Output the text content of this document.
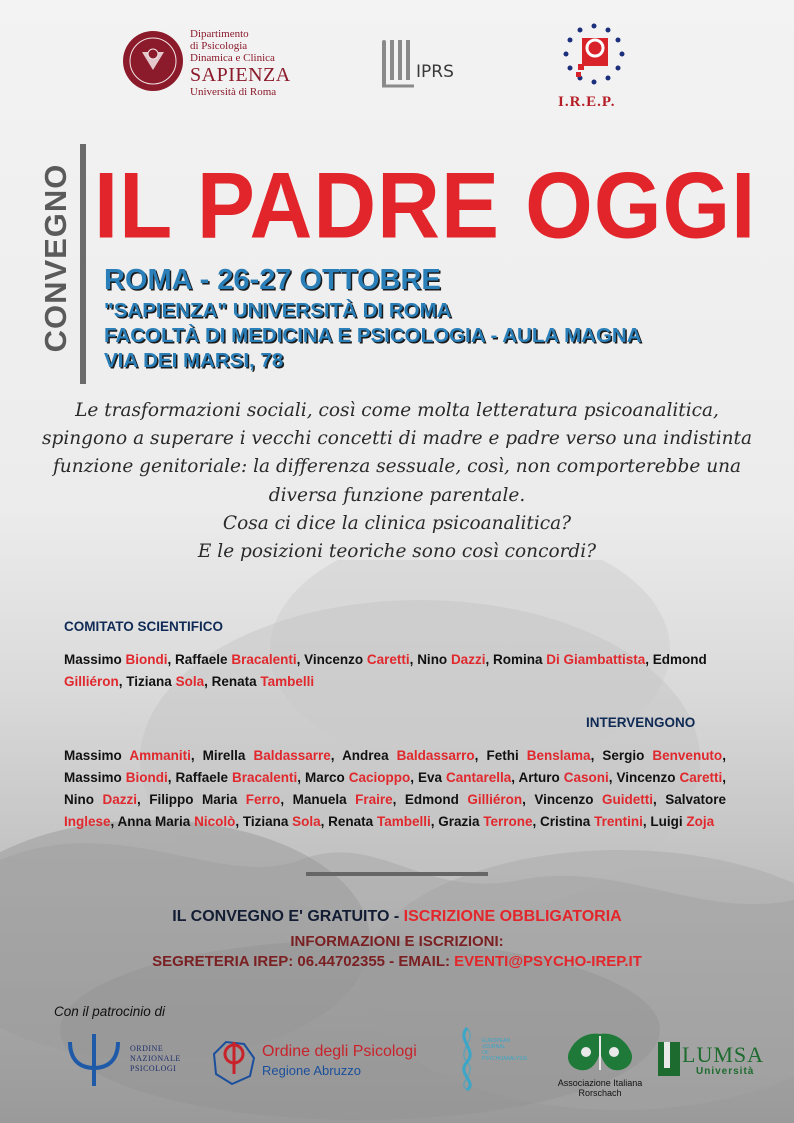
Dipartimento
di Psicologia
Dinamica e Clinica
SAPIENZA
Università di Roma
IPRS
I.R.E.P.
CONVEGNO IL PADRE OGGI
ROMA - 26-27 OTTOBRE
"SAPIENZA" UNIVERSITÀ DI ROMA
FACOLTÀ DI MEDICINA E PSICOLOGIA - AULA MAGNA
VIA DEI MARSI, 78
Le trasformazioni sociali, così come molta letteratura psicoanalitica,
spingono a superare i vecchi concetti di madre e padre verso una indistinta
funzione genitoriale: la differenza sessuale, così, non comporterebbe una
diversa funzione parentale.
Cosa ci dice la clinica psicoanalitica?
E le posizioni teoriche sono così concordi?
COMITATO SCIENTIFICO
Massimo Biondi, Raffaele Bracalenti, Vincenzo Caretti, Nino Dazzi, Romina Di Giambattista, Edmond Gilliéron, Tiziana Sola, Renata Tambelli
INTERVENGONO
Massimo Ammaniti, Mirella Baldassarre, Andrea Baldassarro, Fethi Benslama, Sergio Benvenuto, Massimo Biondi, Raffaele Bracalenti, Marco Cacioppo, Eva Cantarella, Arturo Casoni, Vincenzo Caretti, Nino Dazzi, Filippo Maria Ferro, Manuela Fraire, Edmond Gilliéron, Vincenzo Guidetti, Salvatore Inglese, Anna Maria Nicolò, Tiziana Sola, Renata Tambelli, Grazia Terrone, Cristina Trentini, Luigi Zoja
IL CONVEGNO E' GRATUITO - ISCRIZIONE OBBLIGATORIA
INFORMAZIONI E ISCRIZIONI:
SEGRETERIA IREP: 06.44702355 - EMAIL: EVENTI@PSYCHO-IREP.IT
Con il patrocinio di
ORDINE
NAZIONALE
PSICOLOGI
Ordine degli Psicologi
Regione Abruzzo
EUROPEAN
JOURNAL
OF
PSYCHOANALYSIS
Associazione Italiana
Rorschach
LUMSA
Università
